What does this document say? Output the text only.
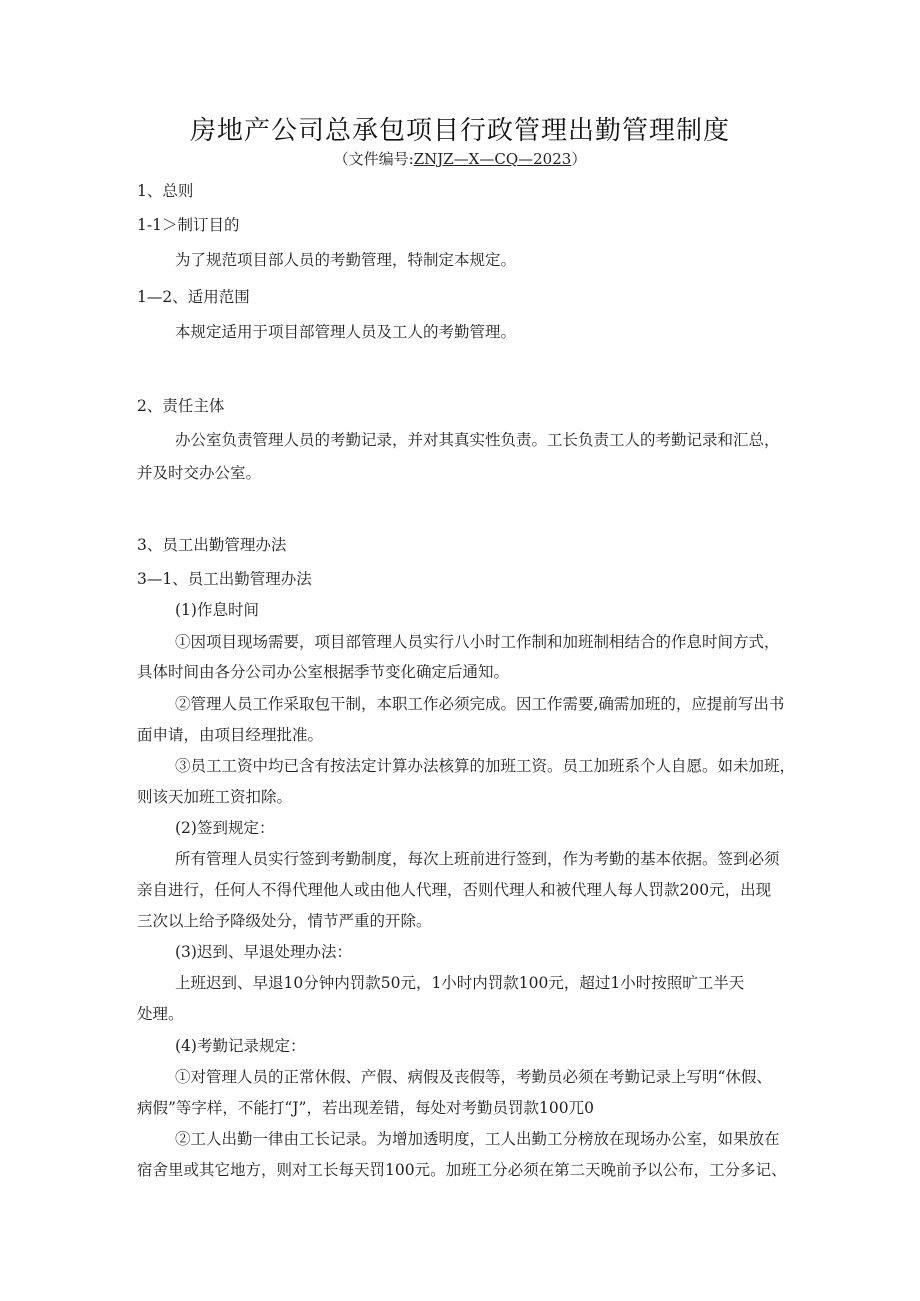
房地产公司总承包项目行政管理出勤管理制度
（文件编号:ZNJZ—X—CQ—2023）
1、总则
1-1＞制订目的
为了规范项目部人员的考勤管理，特制定本规定。
1—2、适用范围
本规定适用于项目部管理人员及工人的考勤管理。
2、责任主体
办公室负责管理人员的考勤记录，并对其真实性负责。工长负责工人的考勤记录和汇总，
并及时交办公室。
3、员工出勤管理办法
3—1、员工出勤管理办法
(1)作息时间
①因项目现场需要，项目部管理人员实行八小时工作制和加班制相结合的作息时间方式，
具体时间由各分公司办公室根据季节变化确定后通知。
②管理人员工作采取包干制，本职工作必须完成。因工作需要,确需加班的，应提前写出书
面申请，由项目经理批准。
③员工工资中均已含有按法定计算办法核算的加班工资。员工加班系个人自愿。如未加班，
则该天加班工资扣除。
(2)签到规定：
所有管理人员实行签到考勤制度，每次上班前进行签到，作为考勤的基本依据。签到必须
亲自进行，任何人不得代理他人或由他人代理，否则代理人和被代理人每人罚款200元，出现
三次以上给予降级处分，情节严重的开除。
(3)迟到、早退处理办法：
上班迟到、早退10分钟内罚款50元，1小时内罚款100元，超过1小时按照旷工半天
处理。
(4)考勤记录规定：
①对管理人员的正常休假、产假、病假及丧假等，考勤员必须在考勤记录上写明“休假、
病假”等字样，不能打“J”，若出现差错，每处对考勤员罚款100兀0
②工人出勤一律由工长记录。为增加透明度，工人出勤工分榜放在现场办公室，如果放在
宿舍里或其它地方，则对工长每天罚100元。加班工分必须在第二天晚前予以公布，工分多记、
